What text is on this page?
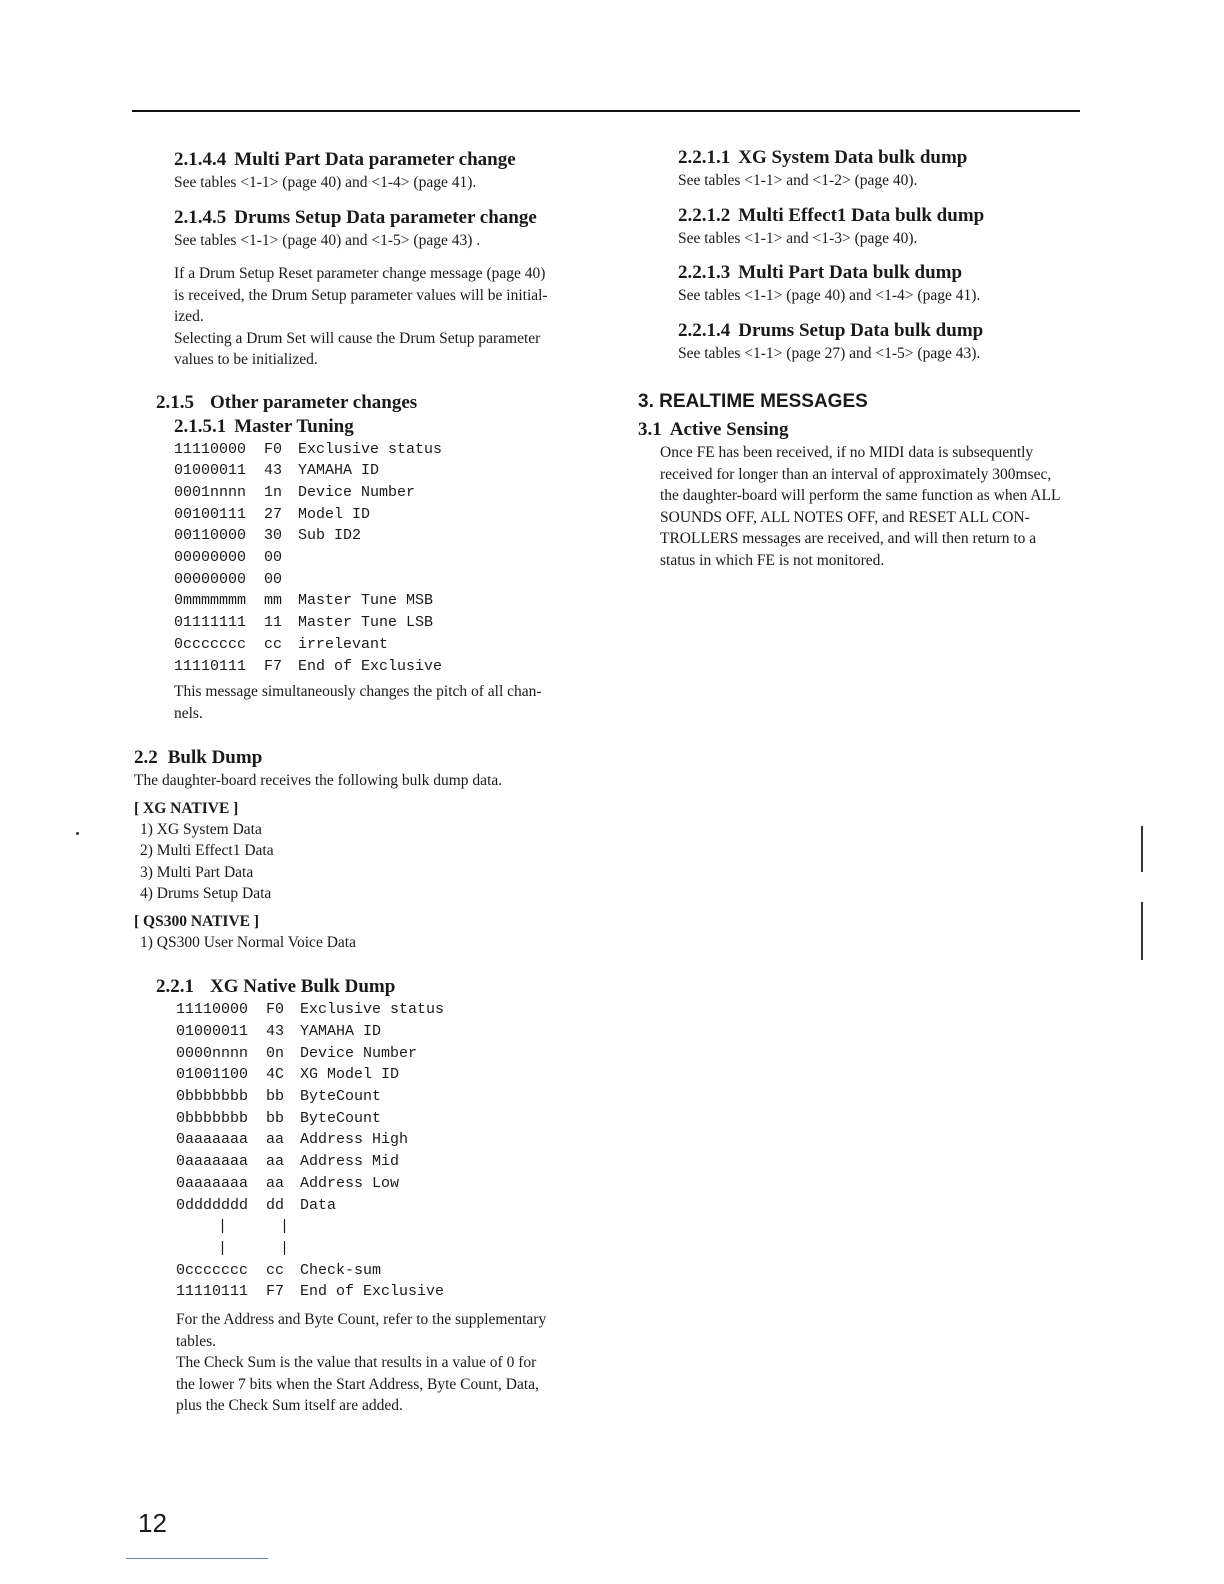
2.1.4.4 Multi Part Data parameter change

See tables <1-1> (page 40) and <1-4> (page 41).

2.1.4.5 Drums Setup Data parameter change

See tables <1-1> (page 40) and <1-5> (page 43) .

If a Drum Setup Reset parameter change message (page 40)

is received, the Drum Setup parameter values will be initial-

ized.

Selecting a Drum Set will cause the Drum Setup parameter

values to be initialized.

2.1.5 Other parameter changes

2.1.5.1 Master Tuning

11110000 F0 Exclusive status
01000011 43 YAMAHA ID
0001nnnn 1n Device Number
00100111 27 Model ID
00110000 30 Sub ID2
00000000 00
00000000 00
0mmmmmmm mm Master Tune MSB
01111111 11 Master Tune LSB
0ccccccc cc irrelevant
11110111 F7 End of Exclusive

This message simultaneously changes the pitch of all chan-

nels.

2.2 Bulk Dump

The daughter-board receives the following bulk dump data.

[ XG NATIVE ]

1) XG System Data

2) Multi Effect1 Data

3) Multi Part Data

4) Drums Setup Data

[ QS300 NATIVE ]

1) QS300 User Normal Voice Data

2.2.1 XG Native Bulk Dump

11110000 F0 Exclusive status
01000011 43 YAMAHA ID
0000nnnn 0n Device Number
01001100 4C XG Model ID
0bbbbbbb bb ByteCount
0bbbbbbb bb ByteCount
0aaaaaaa aa Address High
0aaaaaaa aa Address Mid
0aaaaaaa aa Address Low
0ddddddd dd Data
|	|
|	|
0ccccccc cc Check-sum
11110111 F7 End of Exclusive

For the Address and Byte Count, refer to the supplementary

tables.

The Check Sum is the value that results in a value of 0 for

the lower 7 bits when the Start Address, Byte Count, Data,

plus the Check Sum itself are added.

2.2.1.1 XG System Data bulk dump

See tables <1-1> and <1-2> (page 40).

2.2.1.2 Multi Effect1 Data bulk dump

See tables <1-1> and <1-3> (page 40).

2.2.1.3 Multi Part Data bulk dump

See tables <1-1> (page 40) and <1-4> (page 41).

2.2.1.4 Drums Setup Data bulk dump

See tables <1-1> (page 27) and <1-5> (page 43).

3. REALTIME MESSAGES

3.1 Active Sensing

Once FE has been received, if no MIDI data is subsequently

received for longer than an interval of approximately 300msec,

the daughter-board will perform the same function as when ALL

SOUNDS OFF, ALL NOTES OFF, and RESET ALL CON-

TROLLERS messages are received, and will then return to a

status in which FE is not monitored.

12
